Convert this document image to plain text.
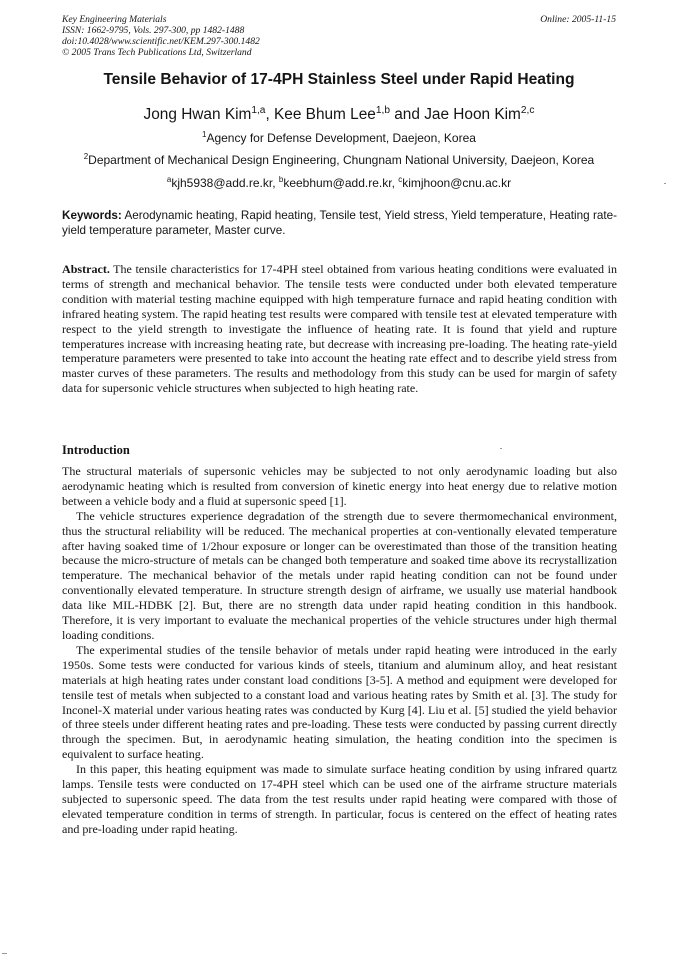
Key Engineering Materials
ISSN: 1662-9795, Vols. 297-300, pp 1482-1488
doi:10.4028/www.scientific.net/KEM.297-300.1482
© 2005 Trans Tech Publications Ltd, Switzerland
Online: 2005-11-15
Tensile Behavior of 17-4PH Stainless Steel under Rapid Heating
Jong Hwan Kim$^{1,a}$, Kee Bhum Lee$^{1,b}$ and Jae Hoon Kim$^{2,c}$
$^1$Agency for Defense Development, Daejeon, Korea
$^2$Department of Mechanical Design Engineering, Chungnam National University, Daejeon, Korea
$^a$kjh5938@add.re.kr, $^b$keebhum@add.re.kr, $^c$kimjhoon@cnu.ac.kr
Keywords: Aerodynamic heating, Rapid heating, Tensile test, Yield stress, Yield temperature, Heating rate-yield temperature parameter, Master curve.
Abstract. The tensile characteristics for 17-4PH steel obtained from various heating conditions were evaluated in terms of strength and mechanical behavior. The tensile tests were conducted under both elevated temperature condition with material testing machine equipped with high temperature furnace and rapid heating condition with infrared heating system. The rapid heating test results were compared with tensile test at elevated temperature with respect to the yield strength to investigate the influence of heating rate. It is found that yield and rupture temperatures increase with increasing heating rate, but decrease with increasing pre-loading. The heating rate-yield temperature parameters were presented to take into account the heating rate effect and to describe yield stress from master curves of these parameters. The results and methodology from this study can be used for margin of safety data for supersonic vehicle structures when subjected to high heating rate.
Introduction

The structural materials of supersonic vehicles may be subjected to not only aerodynamic loading but also aerodynamic heating which is resulted from conversion of kinetic energy into heat energy due to relative motion between a vehicle body and a fluid at supersonic speed [1].

The vehicle structures experience degradation of the strength due to severe thermomechanical environment, thus the structural reliability will be reduced. The mechanical properties at con-ventionally elevated temperature after having soaked time of 1/2hour exposure or longer can be overestimated than those of the transition heating because the micro-structure of metals can be changed both temperature and soaked time above its recrystallization temperature. The mechanical behavior of the metals under rapid heating condition can not be found under conventionally elevated temperature. In structure strength design of airframe, we usually use material handbook data like MIL-HDBK [2]. But, there are no strength data under rapid heating condition in this handbook. Therefore, it is very important to evaluate the mechanical properties of the vehicle structures under high thermal loading conditions.

The experimental studies of the tensile behavior of metals under rapid heating were introduced in the early 1950s. Some tests were conducted for various kinds of steels, titanium and aluminum alloy, and heat resistant materials at high heating rates under constant load conditions [3-5]. A method and equipment were developed for tensile test of metals when subjected to a constant load and various heating rates by Smith et al. [3]. The study for Inconel-X material under various heating rates was conducted by Kurg [4]. Liu et al. [5] studied the yield behavior of three steels under different heating rates and pre-loading. These tests were conducted by passing current directly through the specimen. But, in aerodynamic heating simulation, the heating condition into the specimen is equivalent to surface heating.

In this paper, this heating equipment was made to simulate surface heating condition by using infrared quartz lamps. Tensile tests were conducted on 17-4PH steel which can be used one of the airframe structure materials subjected to supersonic speed. The data from the test results under rapid heating were compared with those of elevated temperature condition in terms of strength. In particular, focus is centered on the effect of heating rates and pre-loading under rapid heating.
